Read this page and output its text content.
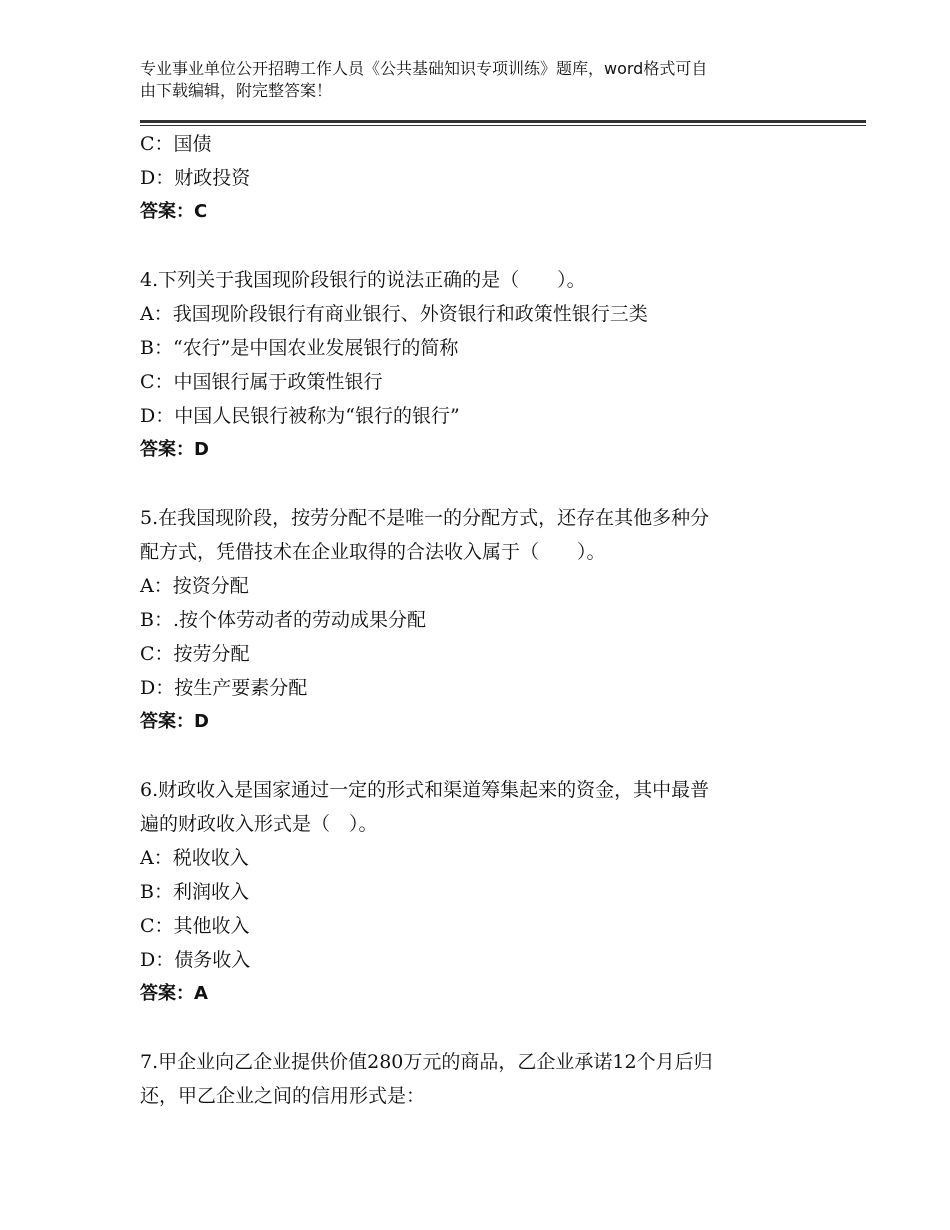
专业事业单位公开招聘工作人员《公共基础知识专项训练》题库，word格式可自
由下载编辑，附完整答案！
C：国债
D：财政投资
答案：C
4.下列关于我国现阶段银行的说法正确的是（　　）。
A：我国现阶段银行有商业银行、外资银行和政策性银行三类
B：“农行”是中国农业发展银行的简称
C：中国银行属于政策性银行
D：中国人民银行被称为“银行的银行”
答案：D
5.在我国现阶段，按劳分配不是唯一的分配方式，还存在其他多种分
配方式，凭借技术在企业取得的合法收入属于（　　）。
A：按资分配
B：.按个体劳动者的劳动成果分配
C：按劳分配
D：按生产要素分配
答案：D
6.财政收入是国家通过一定的形式和渠道筹集起来的资金，其中最普
遍的财政收入形式是（　）。
A：税收收入
B：利润收入
C：其他收入
D：债务收入
答案：A
7.甲企业向乙企业提供价值280万元的商品，乙企业承诺12个月后归
还，甲乙企业之间的信用形式是：
